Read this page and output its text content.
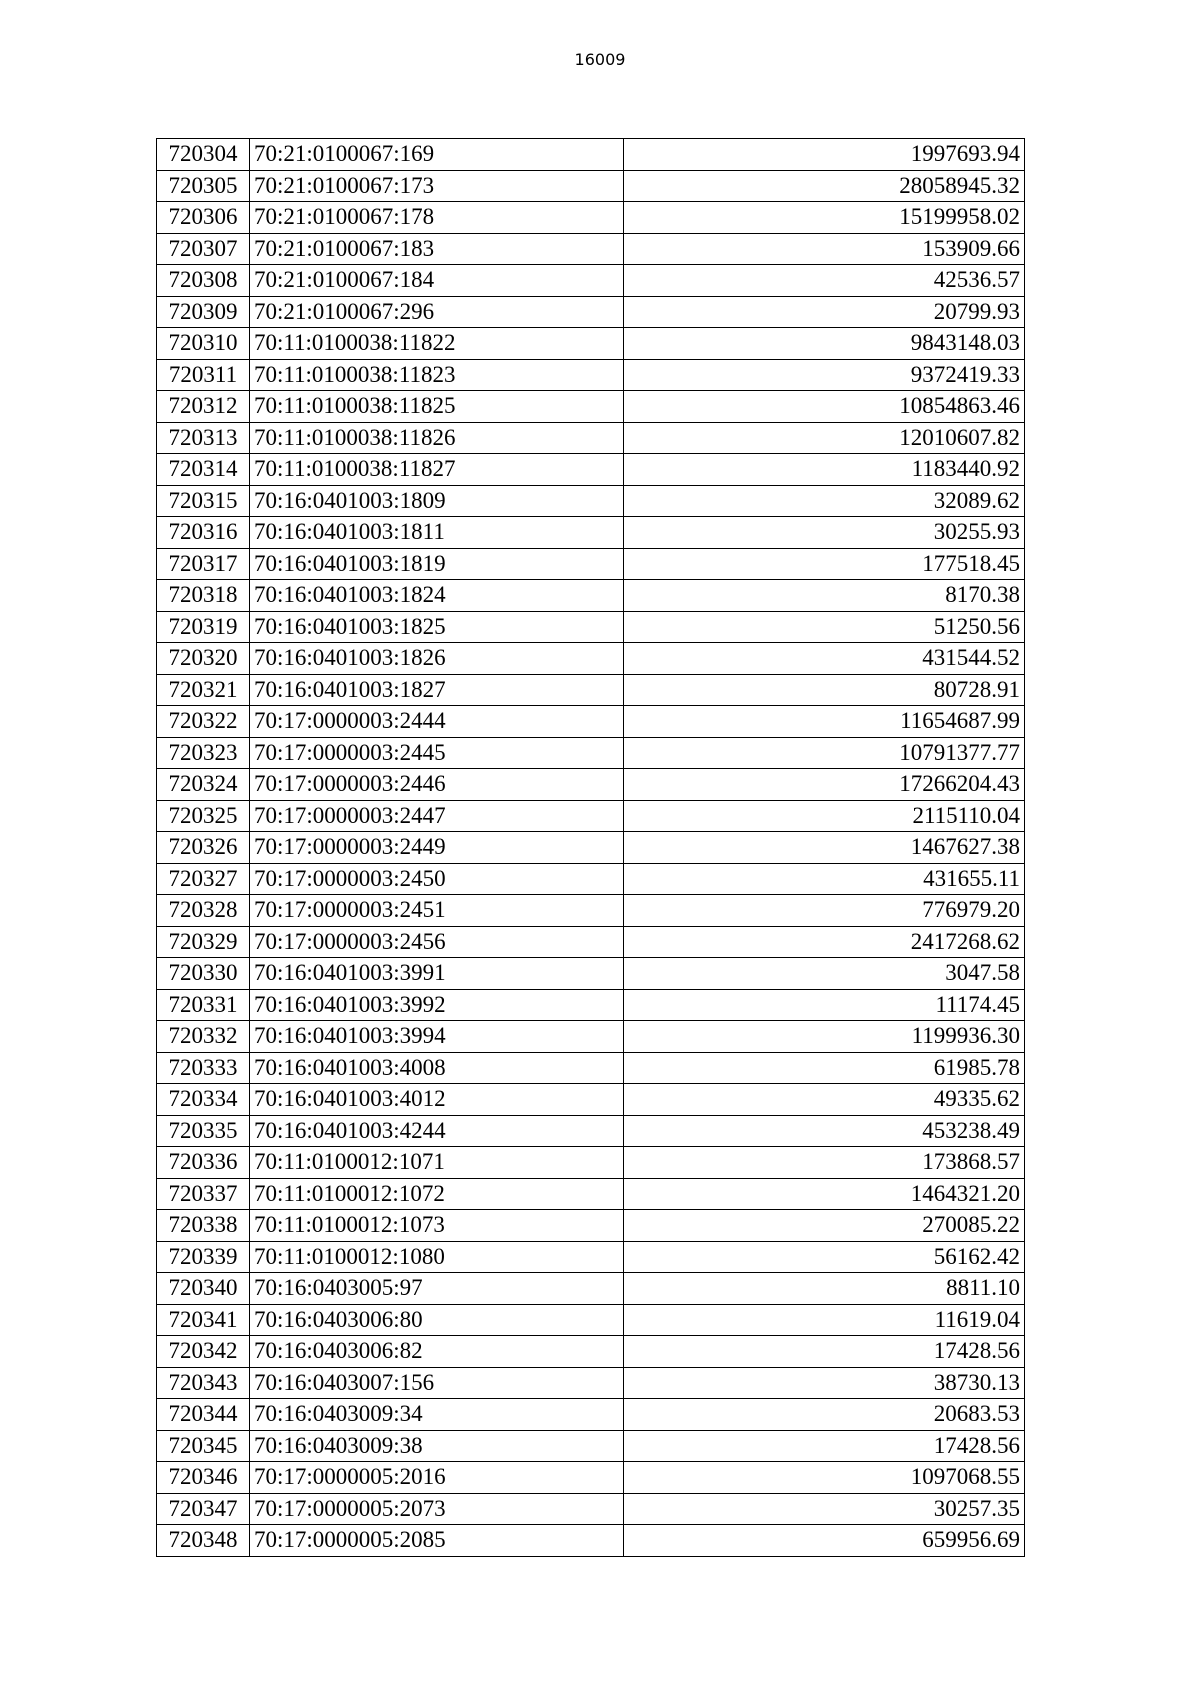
16009
720304	70:21:0100067:169	1997693.94
720305	70:21:0100067:173	28058945.32
720306	70:21:0100067:178	15199958.02
720307	70:21:0100067:183	153909.66
720308	70:21:0100067:184	42536.57
720309	70:21:0100067:296	20799.93
720310	70:11:0100038:11822	9843148.03
720311	70:11:0100038:11823	9372419.33
720312	70:11:0100038:11825	10854863.46
720313	70:11:0100038:11826	12010607.82
720314	70:11:0100038:11827	1183440.92
720315	70:16:0401003:1809	32089.62
720316	70:16:0401003:1811	30255.93
720317	70:16:0401003:1819	177518.45
720318	70:16:0401003:1824	8170.38
720319	70:16:0401003:1825	51250.56
720320	70:16:0401003:1826	431544.52
720321	70:16:0401003:1827	80728.91
720322	70:17:0000003:2444	11654687.99
720323	70:17:0000003:2445	10791377.77
720324	70:17:0000003:2446	17266204.43
720325	70:17:0000003:2447	2115110.04
720326	70:17:0000003:2449	1467627.38
720327	70:17:0000003:2450	431655.11
720328	70:17:0000003:2451	776979.20
720329	70:17:0000003:2456	2417268.62
720330	70:16:0401003:3991	3047.58
720331	70:16:0401003:3992	11174.45
720332	70:16:0401003:3994	1199936.30
720333	70:16:0401003:4008	61985.78
720334	70:16:0401003:4012	49335.62
720335	70:16:0401003:4244	453238.49
720336	70:11:0100012:1071	173868.57
720337	70:11:0100012:1072	1464321.20
720338	70:11:0100012:1073	270085.22
720339	70:11:0100012:1080	56162.42
720340	70:16:0403005:97	8811.10
720341	70:16:0403006:80	11619.04
720342	70:16:0403006:82	17428.56
720343	70:16:0403007:156	38730.13
720344	70:16:0403009:34	20683.53
720345	70:16:0403009:38	17428.56
720346	70:17:0000005:2016	1097068.55
720347	70:17:0000005:2073	30257.35
720348	70:17:0000005:2085	659956.69
